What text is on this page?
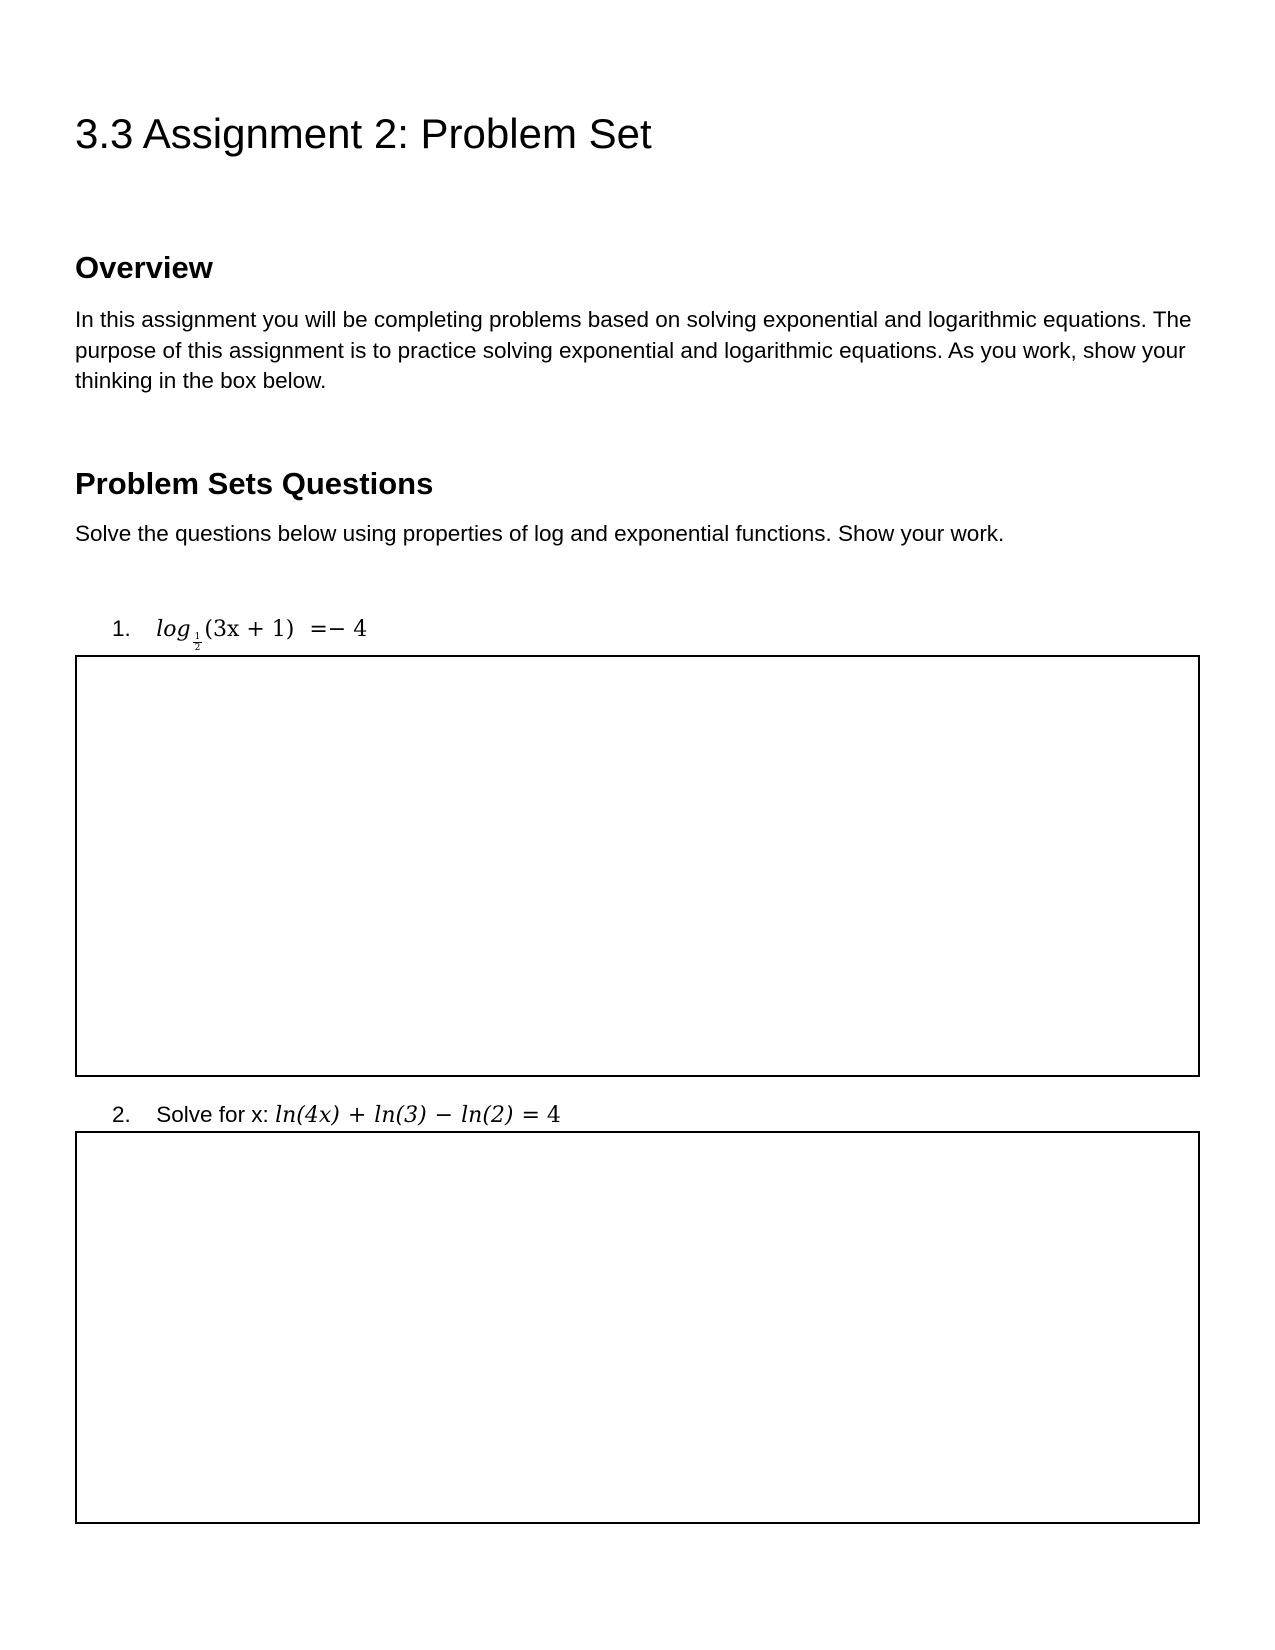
3.3 Assignment 2: Problem Set
Overview

In this assignment you will be completing problems based on solving exponential and logarithmic equations. The purpose of this assignment is to practice solving exponential and logarithmic equations. As you work, show your thinking in the box below.

Problem Sets Questions

Solve the questions below using properties of log and exponential functions. Show your work.

1. log
$\frac{1}{2}$
(3x + 1) =− 4
2. Solve for x: ln(4x) + ln(3) − ln(2) = 4
